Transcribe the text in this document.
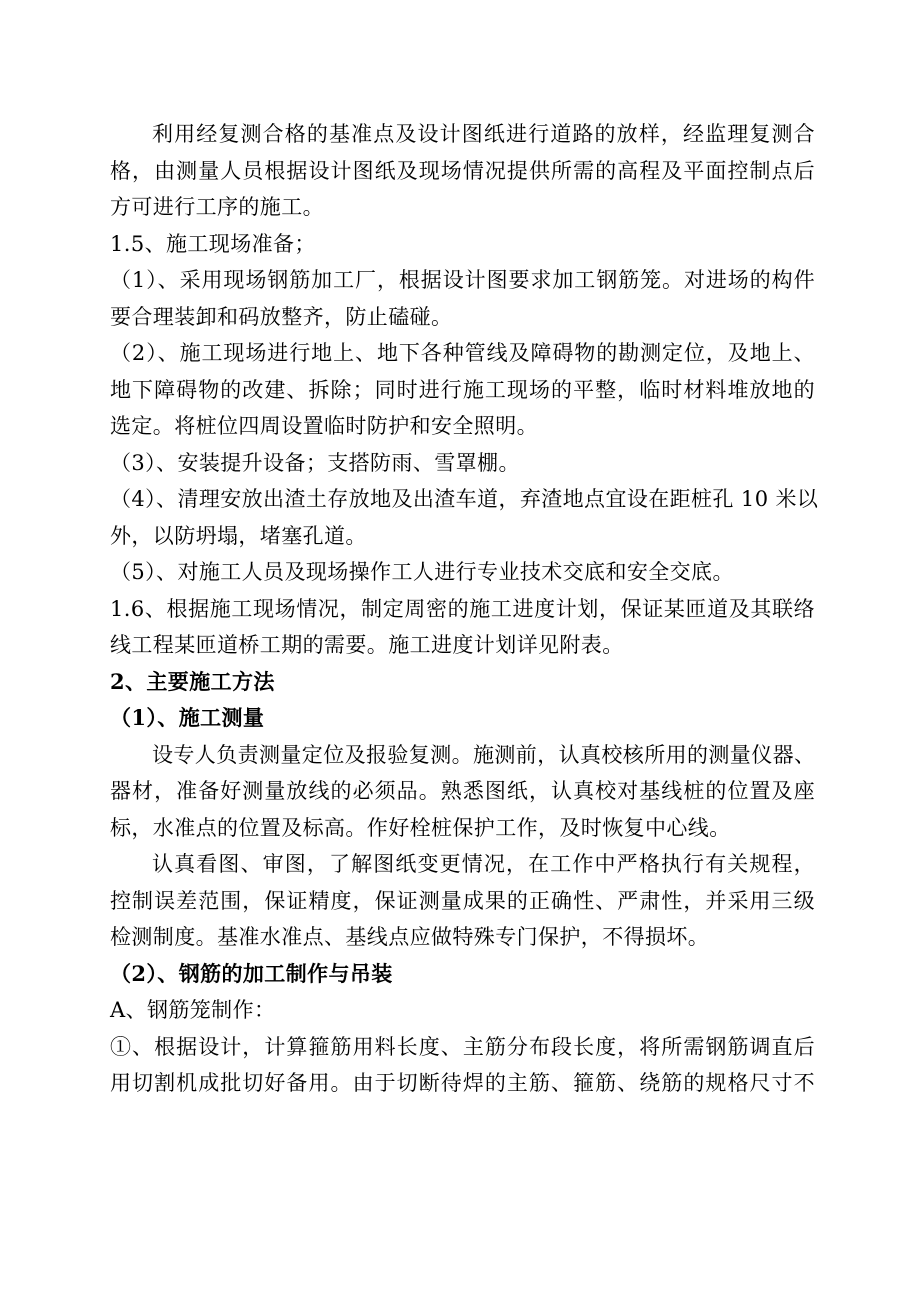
利用经复测合格的基准点及设计图纸进行道路的放样，经监理复测合
格，由测量人员根据设计图纸及现场情况提供所需的高程及平面控制点后
方可进行工序的施工。
1.5、施工现场准备；
（1）、采用现场钢筋加工厂，根据设计图要求加工钢筋笼。对进场的构件
要合理装卸和码放整齐，防止磕碰。
（2）、施工现场进行地上、地下各种管线及障碍物的勘测定位，及地上、
地下障碍物的改建、拆除；同时进行施工现场的平整，临时材料堆放地的
选定。将桩位四周设置临时防护和安全照明。
（3）、安装提升设备；支搭防雨、雪罩棚。
（4）、清理安放出渣土存放地及出渣车道，弃渣地点宜设在距桩孔 10 米以
外，以防坍塌，堵塞孔道。
（5）、对施工人员及现场操作工人进行专业技术交底和安全交底。
1.6、根据施工现场情况，制定周密的施工进度计划，保证某匝道及其联络
线工程某匝道桥工期的需要。施工进度计划详见附表。
2、主要施工方法
（1）、施工测量
设专人负责测量定位及报验复测。施测前，认真校核所用的测量仪器、
器材，准备好测量放线的必须品。熟悉图纸，认真校对基线桩的位置及座
标，水准点的位置及标高。作好栓桩保护工作，及时恢复中心线。
认真看图、审图，了解图纸变更情况，在工作中严格执行有关规程，
控制误差范围，保证精度，保证测量成果的正确性、严肃性，并采用三级
检测制度。基准水准点、基线点应做特殊专门保护，不得损坏。
（2）、钢筋的加工制作与吊装
A、钢筋笼制作：
①、根据设计，计算箍筋用料长度、主筋分布段长度，将所需钢筋调直后
用切割机成批切好备用。由于切断待焊的主筋、箍筋、绕筋的规格尺寸不
